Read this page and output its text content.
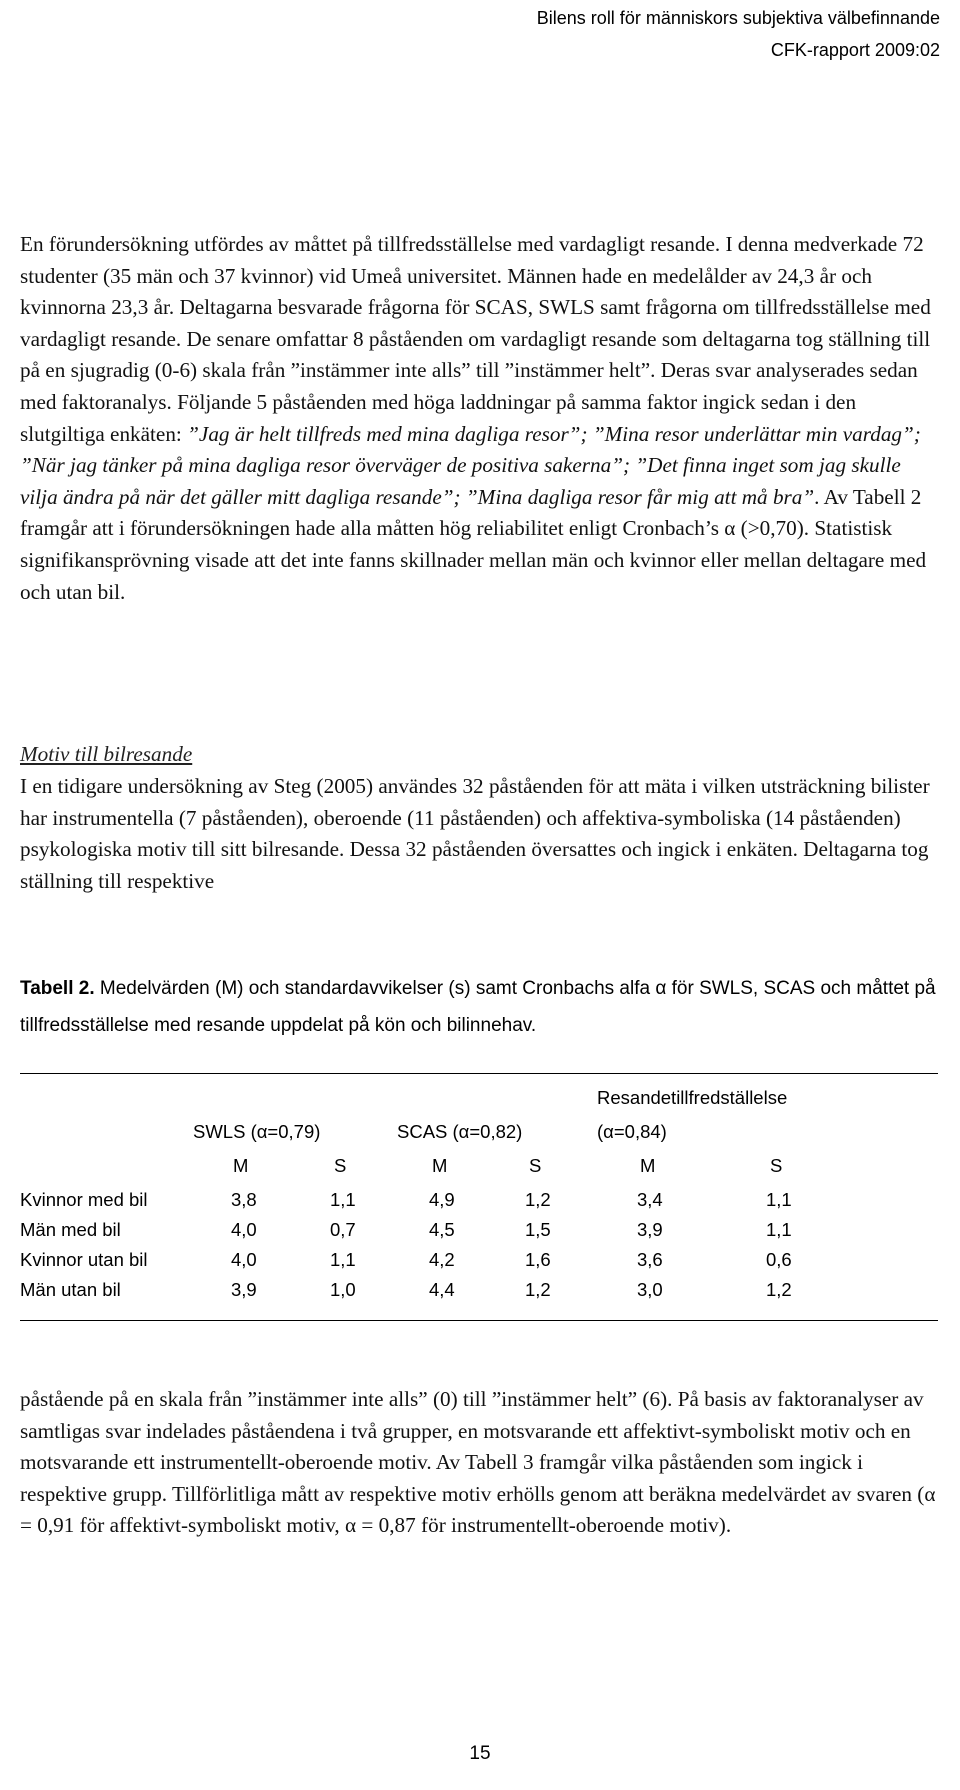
Bilens roll för människors subjektiva välbefinnande
CFK-rapport 2009:02

En förundersökning utfördes av måttet på tillfredsställelse med vardagligt resande. I denna medverkade 72 studenter (35 män och 37 kvinnor) vid Umeå universitet. Männen hade en medelålder av 24,3 år och kvinnorna 23,3 år. Deltagarna besvarade frågorna för SCAS, SWLS samt frågorna om tillfredsställelse med vardagligt resande. De senare omfattar 8 påståenden om vardagligt resande som deltagarna tog ställning till på en sjugradig (0-6) skala från ”instämmer inte alls” till ”instämmer helt”. Deras svar analyserades sedan med faktoranalys. Följande 5 påståenden med höga laddningar på samma faktor ingick sedan i den slutgiltiga enkäten: ”Jag är helt tillfreds med mina dagliga resor”; ”Mina resor underlättar min vardag”; ”När jag tänker på mina dagliga resor överväger de positiva sakerna”; ”Det finna inget som jag skulle vilja ändra på när det gäller mitt dagliga resande”; ”Mina dagliga resor får mig att må bra”. Av Tabell 2 framgår att i förundersökningen hade alla måtten hög reliabilitet enligt Cronbach’s α (>0,70). Statistisk signifikansprövning visade att det inte fanns skillnader mellan män och kvinnor eller mellan deltagare med och utan bil.

Motiv till bilresande

I en tidigare undersökning av Steg (2005) användes 32 påståenden för att mäta i vilken utsträckning bilister har instrumentella (7 påståenden), oberoende (11 påståenden) och affektiva-symboliska (14 påståenden) psykologiska motiv till sitt bilresande. Dessa 32 påståenden översattes och ingick i enkäten. Deltagarna tog ställning till respektive

Tabell 2. Medelvärden (M) och standardavvikelser (s) samt Cronbachs alfa α för SWLS, SCAS och måttet på tillfredsställelse med resande uppdelat på kön och bilinnehav.

Resandetillfredställelse
SWLS (α=0,79)	SCAS (α=0,82)	(α=0,84)
M	S	M	S	M	S
Kvinnor med bil	3,8	1,1	4,9	1,2	3,4	1,1
Män med bil	4,0	0,7	4,5	1,5	3,9	1,1
Kvinnor utan bil	4,0	1,1	4,2	1,6	3,6	0,6
Män utan bil	3,9	1,0	4,4	1,2	3,0	1,2

påstående på en skala från ”instämmer inte alls” (0) till ”instämmer helt” (6). På basis av faktoranalyser av samtligas svar indelades påståendena i två grupper, en motsvarande ett affektivt-symboliskt motiv och en motsvarande ett instrumentellt-oberoende motiv. Av Tabell 3 framgår vilka påståenden som ingick i respektive grupp. Tillförlitliga mått av respektive motiv erhölls genom att beräkna medelvärdet av svaren (α = 0,91 för affektivt-symboliskt motiv, α = 0,87 för instrumentellt-oberoende motiv).

15
